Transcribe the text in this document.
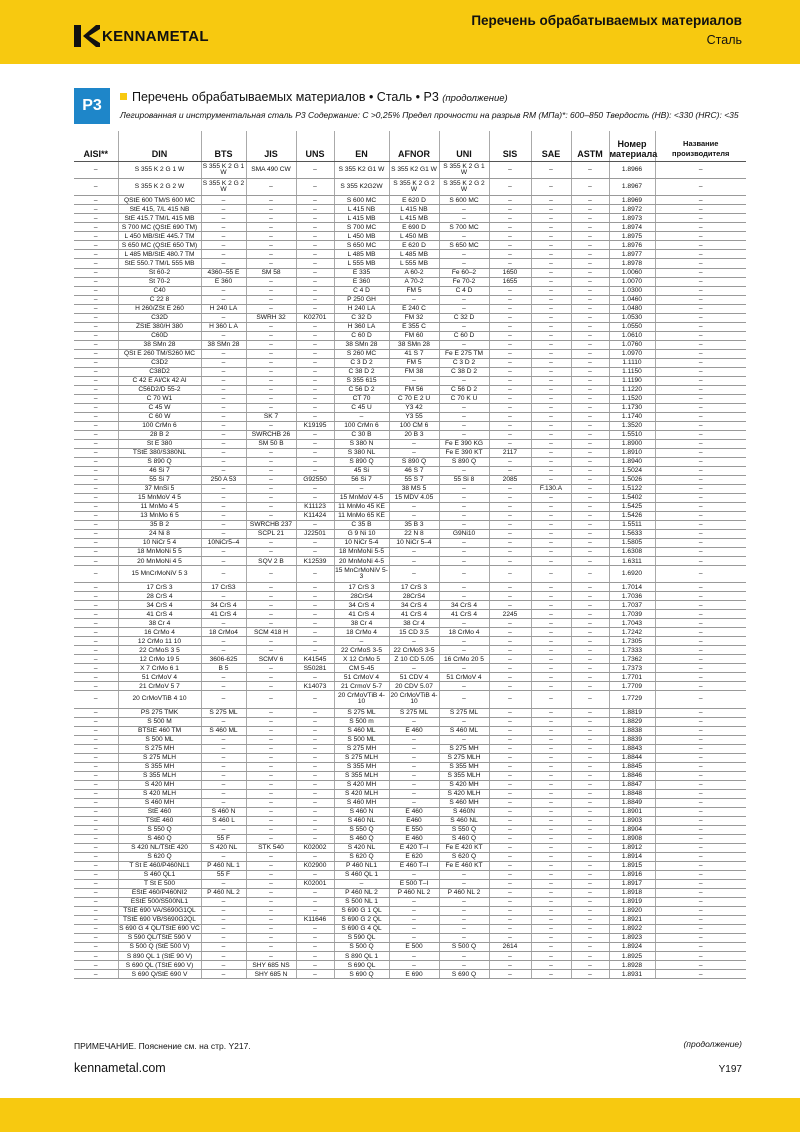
KENNAMETAL
Перечень обрабатываемых материалов
Сталь
P3	Перечень обрабатываемых материалов • Сталь • P3 (продолжение)
Легированная и инструментальная сталь P3 Содержание: C >0,25% Предел прочности на разрыв RM (МПа)*: 600–850 Твердость (HB): <330 (HRC): <35
AISI**	DIN	BTS	JIS	UNS	EN	AFNOR	UNI	SIS	SAE	ASTM	Номер материала	Название производителя
–	S 355 K 2 G 1 W	S 355 K 2 G 1 W	SMA 490 CW	–	S 355 K2 G1 W	S 355 K2 G1 W	S 355 K 2 G 1 W	–	–	–	1.8966	–
–	S 355 K 2 G 2 W	S 355 K 2 G 2 W	–	–	S 355 K2G2W	S 355 K 2 G 2 W	S 355 K 2 G 2 W	–	–	–	1.8967	–
–	QStE 600 TM/S 600 MC	–	–	–	S 600 MC	E 620 D	S 600 MC	–	–	–	1.8969	–
–	StE 415, 7/L 415 NB	–	–	–	L 415 NB	L 415 NB	–	–	–	–	1.8972	–
–	StE 415.7 TM/L 415 MB	–	–	–	L 415 MB	L 415 MB	–	–	–	–	1.8973	–
–	S 700 MC (QStE 690 TM)	–	–	–	S 700 MC	E 690 D	S 700 MC	–	–	–	1.8974	–
–	L 450 MB/StE 445.7 TM	–	–	–	L 450 MB	L 450 MB	–	–	–	–	1.8975	–
–	S 650 MC (QStE 650 TM)	–	–	–	S 650 MC	E 620 D	S 650 MC	–	–	–	1.8976	–
–	L 485 MB/StE 480.7 TM	–	–	–	L 485 MB	L 485 MB	–	–	–	–	1.8977	–
–	StE 550.7 TM/L 555 MB	–	–	–	L 555 MB	L 555 MB	–	–	–	–	1.8978	–
–	St 60-2	4360–55 E	SM 58	–	E 335	A 60-2	Fe 60–2	1650	–	–	1.0060	–
–	St 70-2	E 360	–	–	E 360	A 70-2	Fe 70-2	1655	–	–	1.0070	–
–	C40	–	–	–	C 4 D	FM 5	C 4 D	–	–	–	1.0300	–
–	C 22 8	–	–	–	P 250 GH	–	–	–	–	–	1.0460	–
–	H 260/ZSt E 260	H 240 LA	–	–	H 240 LA	E 240 C	–	–	–	–	1.0480	–
–	C32D	–	SWRH 32	K02701	C 32 D	FM 32	C 32 D	–	–	–	1.0530	–
–	ZStE 380/H 380	H 360 L A	–	–	H 360 LA	E 355 C	–	–	–	–	1.0550	–
–	C60D	–	–	–	C 60 D	FM 60	C 60 D	–	–	–	1.0610	–
–	38 SMn 28	38 SMn 28	–	–	38 SMn 28	38 SMn 28	–	–	–	–	1.0760	–
–	QSt E 260 TM/S260 MC	–	–	–	S 260 MC	41 S 7	Fe E 275 TM	–	–	–	1.0970	–
–	C3D2	–	–	–	C 3 D 2	FM 5	C 3 D 2	–	–	–	1.1110	–
–	C38D2	–	–	–	C 38 D 2	FM 38	C 38 D 2	–	–	–	1.1150	–
–	C 42 E Al/Ck 42 Al	–	–	–	S 355 615	–	–	–	–	–	1.1190	–
–	C56D2/D 55-2	–	–	–	C 56 D 2	FM 56	C 56 D 2	–	–	–	1.1220	–
–	C 70 W1	–	–	–	CT 70	C 70 E 2 U	C 70 K U	–	–	–	1.1520	–
–	C 45 W	–	–	–	C 45 U	Y3 42	–	–	–	–	1.1730	–
–	C 60 W	–	SK 7	–	–	Y3 55	–	–	–	–	1.1740	–
–	100 CrMn 6	–	–	K19195	100 CrMn 6	100 CM 6	–	–	–	–	1.3520	–
–	28 B 2	–	SWRCHB 26	–	C 30 B	20 B 3	–	–	–	–	1.5510	–
–	St E 380	–	SM 50 B	–	S 380 N	–	Fe E 390 KG	–	–	–	1.8900	–
–	TStE 380/S380NL	–	–	–	S 380 NL	–	Fe E 390 KT	2117	–	–	1.8910	–
–	S 890 Q	–	–	–	S 890 Q	S 890 Q	S 890 Q	–	–	–	1.8940	–
–	46 Si 7	–	–	–	45 Si	46 S 7	–	–	–	–	1.5024	–
–	55 Si 7	250 A 53	–	G92550	56 Si 7	55 S 7	55 Si 8	2085	–	–	1.5026	–
–	37 MnSi 5	–	–	–	–	38 MS 5	–	–	F.130.A	–	1.5122	–
–	15 MnMoV 4 5	–	–	–	15 MnMoV 4-5	15 MDV 4.05	–	–	–	–	1.5402	–
–	11 MnMo 4 5	–	–	K11123	11 MnMo 45 KE	–	–	–	–	–	1.5425	–
–	13 MnMo 6 5	–	–	K11424	11 MnMo 65 KE	–	–	–	–	–	1.5426	–
–	35 B 2	–	SWRCHB 237	–	C 35 B	35 B 3	–	–	–	–	1.5511	–
–	24 Ni 8	–	SCPL 21	J22501	G 9 Ni 10	22 N 8	G9Ni10	–	–	–	1.5633	–
–	10 NiCr 5 4	10NiCr5–4	–	–	10 NiCr 5-4	10 NiCr 5–4	–	–	–	–	1.5805	–
–	18 MnMoNi 5 5	–	–	–	18 MnMoNi 5-5	–	–	–	–	–	1.6308	–
–	20 MnMoNi 4 5	–	SQV 2 B	K12539	20 MnMoNi 4-5	–	–	–	–	–	1.6311	–
–	15 MnCrMoNiV 5 3	–	–	–	15 MnCrMoNiV 5-3	–	–	–	–	–	1.6920	–
–	17 CrS 3	17 CrS3	–	–	17 CrS 3	17 CrS 3	–	–	–	–	1.7014	–
–	28 CrS 4	–	–	–	28CrS4	28CrS4	–	–	–	–	1.7036	–
–	34 CrS 4	34 CrS 4	–	–	34 CrS 4	34 CrS 4	34 CrS 4	–	–	–	1.7037	–
–	41 CrS 4	41 CrS 4	–	–	41 CrS 4	41 CrS 4	41 CrS 4	2245	–	–	1.7039	–
–	38 Cr 4	–	–	–	38 Cr 4	38 Cr 4	–	–	–	–	1.7043	–
–	16 CrMo 4	18 CrMo4	SCM 418 H	–	18 CrMo 4	15 CD 3.5	18 CrMo 4	–	–	–	1.7242	–
–	12 CrMo 11 10	–	–	–	–	–	–	–	–	–	1.7305	–
–	22 CrMoS 3 5	–	–	–	22 CrMoS 3-5	22 CrMoS 3-5	–	–	–	–	1.7333	–
–	12 CrMo 19 5	3606-625	SCMV 6	K41545	X 12 CrMo 5	Z 10 CD 5.05	16 CrMo 20 5	–	–	–	1.7362	–
–	X 7 CrMo 6 1	B 5	–	S50281	CM 5-45	–	–	–	–	–	1.7373	–
–	51 CrMoV 4	–	–	–	51 CrMoV 4	51 CDV 4	51 CrMoV 4	–	–	–	1.7701	–
–	21 CrMoV 5 7	–	–	K14073	21 CrmoV 5-7	20 CDV 5.07	–	–	–	–	1.7709	–
–	20 CrMoVTiB 4 10	–	–	–	20 CrMoVTiB 4-10	20 CrMoVTiB 4-10	–	–	–	–	1.7729	–
–	PS 275 TMK	S 275 ML	–	–	S 275 ML	S 275 ML	S 275 ML	–	–	–	1.8819	–
–	S 500 M	–	–	–	S 500 m	–	–	–	–	–	1.8829	–
–	BTStE 460 TM	S 460 ML	–	–	S 460 ML	E 460	S 460 ML	–	–	–	1.8838	–
–	S 500 ML	–	–	–	S 500 ML	–	–	–	–	–	1.8839	–
–	S 275 MH	–	–	–	S 275 MH	–	S 275 MH	–	–	–	1.8843	–
–	S 275 MLH	–	–	–	S 275 MLH	–	S 275 MLH	–	–	–	1.8844	–
–	S 355 MH	–	–	–	S 355 MH	–	S 355 MH	–	–	–	1.8845	–
–	S 355 MLH	–	–	–	S 355 MLH	–	S 355 MLH	–	–	–	1.8846	–
–	S 420 MH	–	–	–	S 420 MH	–	S 420 MH	–	–	–	1.8847	–
–	S 420 MLH	–	–	–	S 420 MLH	–	S 420 MLH	–	–	–	1.8848	–
–	S 460 MH	–	–	–	S 460 MH	–	S 460 MH	–	–	–	1.8849	–
–	StE 460	S 460 N	–	–	S 460 N	E 460	S 460N	–	–	–	1.8901	–
–	TStE 460	S 460 L	–	–	S 460 NL	E460	S 460 NL	–	–	–	1.8903	–
–	S 550 Q	–	–	–	S 550 Q	E 550	S 550 Q	–	–	–	1.8904	–
–	S 460 Q	55 F	–	–	S 460 Q	E 460	S 460 Q	–	–	–	1.8908	–
–	S 420 NL/TStE 420	S 420 NL	STK 540	K02002	S 420 NL	E 420 T–I	Fe E 420 KT	–	–	–	1.8912	–
–	S 620 Q	–	–	–	S 620 Q	E 620	S 620 Q	–	–	–	1.8914	–
–	T St E 460/P460NL1	P 460 NL 1	–	K02900	P 460 NL1	E 460 T–I	Fe E 460 KT	–	–	–	1.8915	–
–	S 460 QL1	55 F	–	–	S 460 QL 1	–	–	–	–	–	1.8916	–
–	T St E 500	–	–	K02001	–	E 500 T–I	–	–	–	–	1.8917	–
–	EStE 460/P460NI2	P 460 NL 2	–	–	P 460 NL 2	P 460 NL 2	P 460 NL 2	–	–	–	1.8918	–
–	EStE 500/S500NL1	–	–	–	S 500 NL 1	–	–	–	–	–	1.8919	–
–	TStE 690 VA/S690G1QL	–	–	–	S 690 G 1 QL	–	–	–	–	–	1.8920	–
–	TStE 690 VB/S690G2QL	–	–	K11646	S 690 G 2 QL	–	–	–	–	–	1.8921	–
–	S 690 G 4 QL/TStE 690 VC	–	–	–	S 690 G 4 QL	–	–	–	–	–	1.8922	–
–	S 590 QL/TStE 590 V	–	–	–	S 590 QL	–	–	–	–	–	1.8923	–
–	S 500 Q (StE 500 V)	–	–	–	S 500 Q	E 500	S 500 Q	2614	–	–	1.8924	–
–	S 890 QL 1 (StE 90 V)	–	–	–	S 890 QL 1	–	–	–	–	–	1.8925	–
–	S 690 QL (TStE 690 V)	–	SHY 685 NS	–	S 690 QL	–	–	–	–	–	1.8928	–
–	S 690 Q/StE 690 V	–	SHY 685 N	–	S 690 Q	E 690	S 690 Q	–	–	–	1.8931	–
ПРИМЕЧАНИЕ. Пояснение см. на стр. Y217.	(продолжение)
kennametal.com	Y197
